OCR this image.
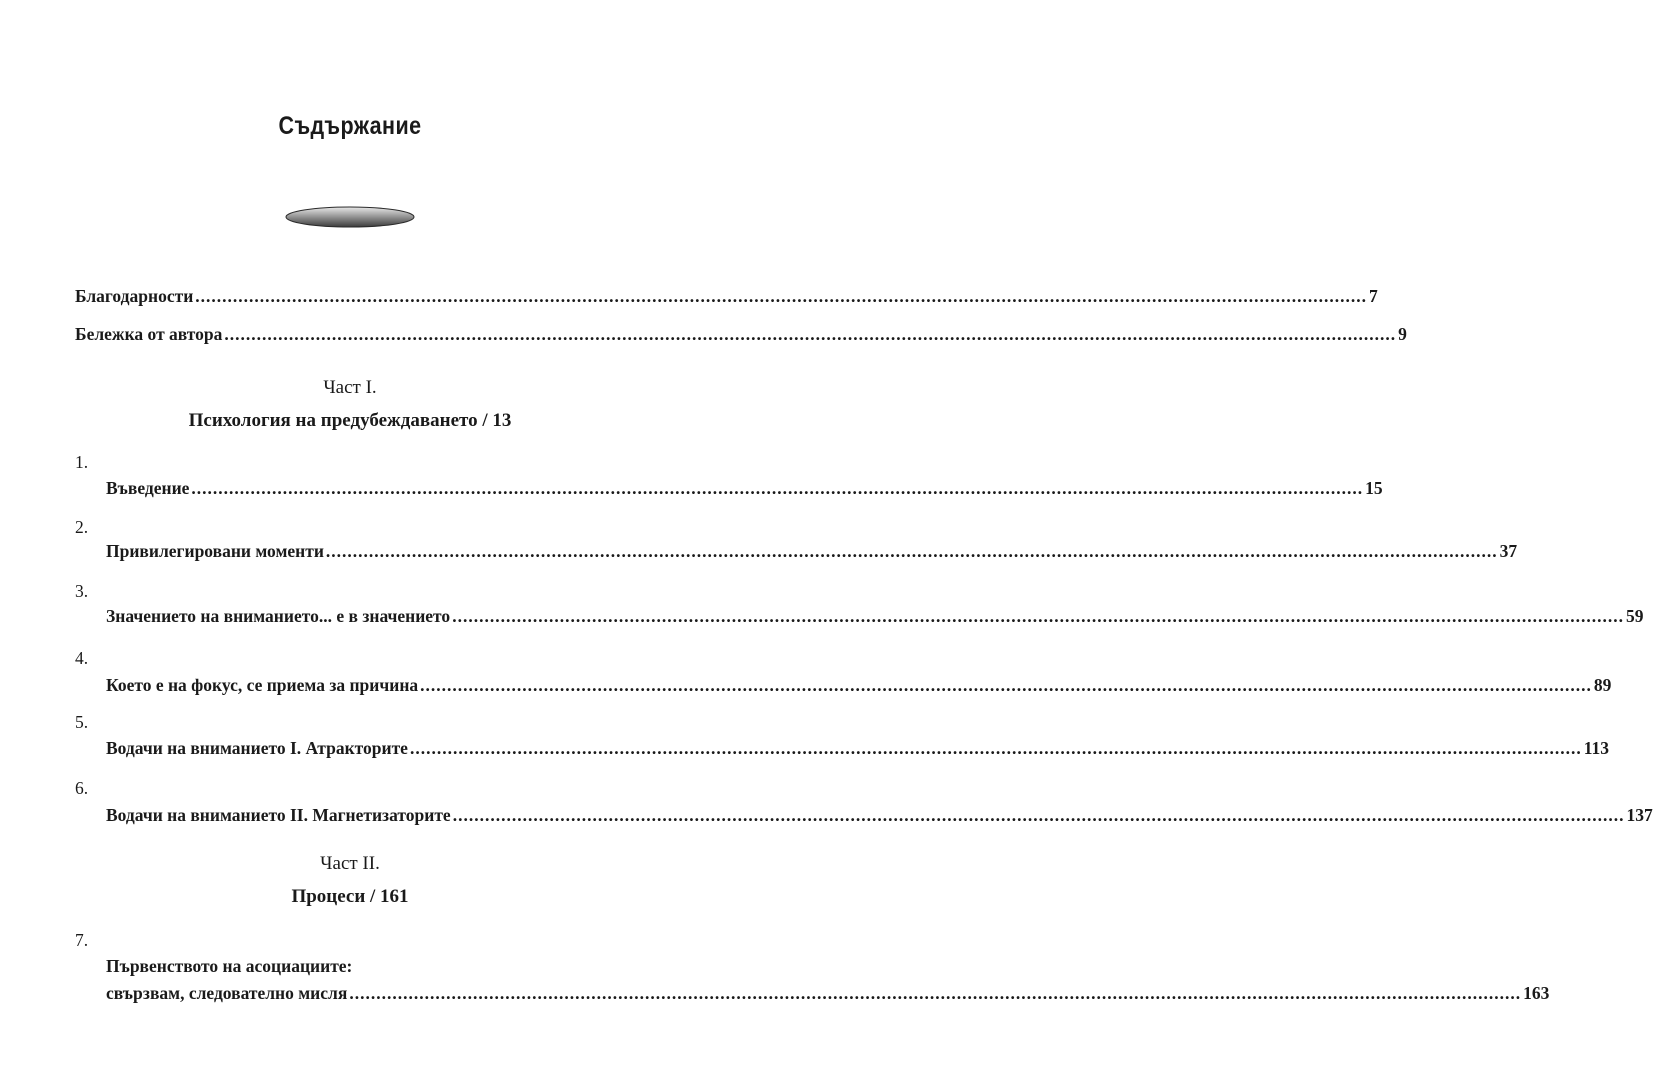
Съдържание
Благодарности .......................................................................................................................................................................................................................... 7
Бележка от автора .......................................................................................................................................................................................................................... 9
Част I.
Психология на предубеждаването / 13
1.
Въведение .......................................................................................................................................................................................................................... 15
2.
Привилегировани моменти .......................................................................................................................................................................................................................... 37
3.
Значението на вниманието... е в значението .......................................................................................................................................................................................................................... 59
4.
Което е на фокус, се приема за причина .......................................................................................................................................................................................................................... 89
5.
Водачи на вниманието I. Атракторите .......................................................................................................................................................................................................................... 113
6.
Водачи на вниманието II. Магнетизаторите .......................................................................................................................................................................................................................... 137
Част II.
Процеси / 161
7.
Първенството на асоциациите:
свързвам, следователно мисля .......................................................................................................................................................................................................................... 163
